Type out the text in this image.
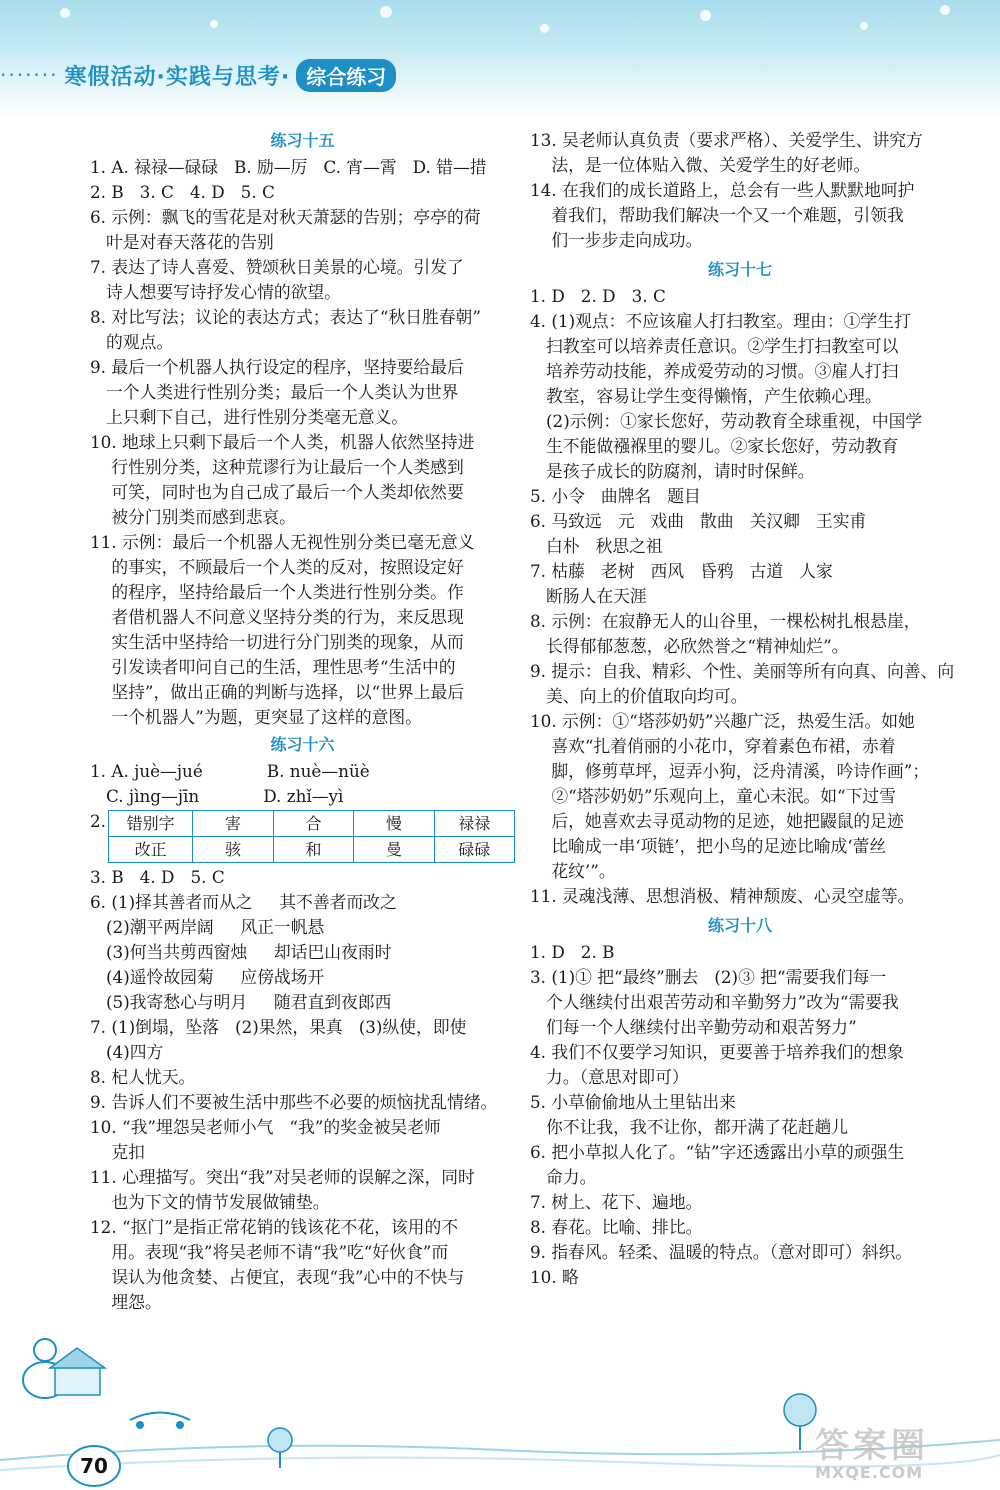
······· 寒假活动·实践与思考· 综合练习
练习十五
1. A. 禄禄—碌碌   B. 励—厉   C. 宵—霄   D. 错—措
2. B   3. C   4. D   5. C
6. 示例：飘飞的雪花是对秋天萧瑟的告别；亭亭的荷
叶是对春天落花的告别
7. 表达了诗人喜爱、赞颂秋日美景的心境。引发了
诗人想要写诗抒发心情的欲望。
8. 对比写法；议论的表达方式；表达了“秋日胜春朝”
的观点。
9. 最后一个机器人执行设定的程序，坚持要给最后
一个人类进行性别分类；最后一个人类认为世界
上只剩下自己，进行性别分类毫无意义。
10. 地球上只剩下最后一个人类，机器人依然坚持进
行性别分类，这种荒谬行为让最后一个人类感到
可笑，同时也为自己成了最后一个人类却依然要
被分门别类而感到悲哀。
11. 示例：最后一个机器人无视性别分类已毫无意义
的事实，不顾最后一个人类的反对，按照设定好
的程序，坚持给最后一个人类进行性别分类。作
者借机器人不问意义坚持分类的行为，来反思现
实生活中坚持给一切进行分门别类的现象，从而
引发读者叩问自己的生活，理性思考“生活中的
坚持”，做出正确的判断与选择，以“世界上最后
一个机器人”为题，更突显了这样的意图。
练习十六
1. A. juè—jué            B. nuè—nüè
C. jìng—jīn            D. zhǐ—yì
2.	错别字	害	合	慢	禄禄
改正	骇	和	曼	碌碌
3. B   4. D   5. C
6. (1)择其善者而从之     其不善者而改之
(2)潮平两岸阔     风正一帆悬
(3)何当共剪西窗烛     却话巴山夜雨时
(4)遥怜故园菊     应傍战场开
(5)我寄愁心与明月     随君直到夜郎西
7. (1)倒塌，坠落   (2)果然，果真   (3)纵使，即使
(4)四方
8. 杞人忧天。
9. 告诉人们不要被生活中那些不必要的烦恼扰乱情绪。
10. “我”埋怨吴老师小气   “我”的奖金被吴老师
克扣
11. 心理描写。突出“我”对吴老师的误解之深，同时
也为下文的情节发展做铺垫。
12. “抠门”是指正常花销的钱该花不花，该用的不
用。表现“我”将吴老师不请“我”吃“好伙食”而
误认为他贪婪、占便宜，表现“我”心中的不快与
埋怨。
13. 吴老师认真负责（要求严格）、关爱学生、讲究方
法，是一位体贴入微、关爱学生的好老师。
14. 在我们的成长道路上，总会有一些人默默地呵护
着我们，帮助我们解决一个又一个难题，引领我
们一步步走向成功。
练习十七
1. D   2. D   3. C
4. (1)观点：不应该雇人打扫教室。理由：①学生打
扫教室可以培养责任意识。②学生打扫教室可以
培养劳动技能，养成爱劳动的习惯。③雇人打扫
教室，容易让学生变得懒惰，产生依赖心理。
(2)示例：①家长您好，劳动教育全球重视，中国学
生不能做襁褓里的婴儿。②家长您好，劳动教育
是孩子成长的防腐剂，请时时保鲜。
5. 小令   曲牌名   题目
6. 马致远   元   戏曲   散曲   关汉卿   王实甫
白朴   秋思之祖
7. 枯藤   老树   西风   昏鸦   古道   人家
断肠人在天涯
8. 示例：在寂静无人的山谷里，一棵松树扎根悬崖，
长得郁郁葱葱，必欣然誉之“精神灿烂”。
9. 提示：自我、精彩、个性、美丽等所有向真、向善、向
美、向上的价值取向均可。
10. 示例：①“塔莎奶奶”兴趣广泛，热爱生活。如她
喜欢“扎着俏丽的小花巾，穿着素色布裙，赤着
脚，修剪草坪，逗弄小狗，泛舟清溪，吟诗作画”；
②“塔莎奶奶”乐观向上，童心未泯。如“下过雪
后，她喜欢去寻觅动物的足迹，她把鼹鼠的足迹
比喻成一串‘项链’，把小鸟的足迹比喻成‘蕾丝
花纹’”。
11. 灵魂浅薄、思想消极、精神颓废、心灵空虚等。
练习十八
1. D   2. B
3. (1)① 把“最终”删去   (2)③ 把“需要我们每一
个人继续付出艰苦劳动和辛勤努力”改为“需要我
们每一个人继续付出辛勤劳动和艰苦努力”
4. 我们不仅要学习知识，更要善于培养我们的想象
力。（意思对即可）
5. 小草偷偷地从土里钻出来
你不让我，我不让你，都开满了花赶趟儿
6. 把小草拟人化了。“钻”字还透露出小草的顽强生
命力。
7. 树上、花下、遍地。
8. 春花。比喻、排比。
9. 指春风。轻柔、温暖的特点。（意对即可）斜织。
10. 略
70	答案圈
MXQE.COM
